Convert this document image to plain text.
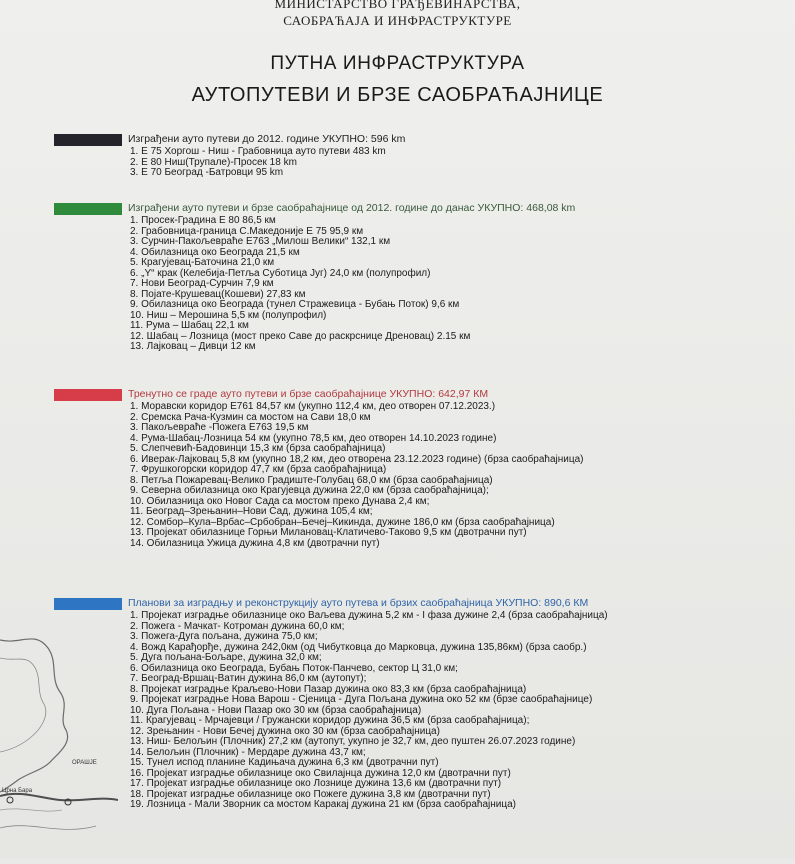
МИНИСТАРСТВО ГРАЂЕВИНАРСТВА,
САОБРАЋАЈА И ИНФРАСТРУКТУРЕ
ПУТНА ИНФРАСТРУКТУРА
АУТОПУТЕВИ И БРЗЕ САОБРАЋАЈНИЦЕ
Изграђени ауто путеви до 2012. године УКУПНО: 596 km
1. Е 75 Хоргош - Ниш - Грабовница ауто путеви 483 km
2. Е 80 Ниш(Трупале)-Просек 18 km
3. Е 70 Београд -Батровци 95 km
Изграђени ауто путеви и брзе саобраћајнице од 2012. године до данас УКУПНО: 468,08 km
1. Просек-Градина Е 80 86,5 км
2. Грабовница-граница С.Македоније Е 75 95,9 км
3. Сурчин-Пакољевраће Е763 „Милош Велики“ 132,1 км
4. Обилазница око Београда 21,5 км
5. Крагујевац-Баточина 21,0 км
6. „Y“ крак (Келебија-Петља Суботица Југ) 24,0 км (полупрофил)
7. Нови Београд-Сурчин 7,9 км
8. Појате-Крушевац(Кошеви) 27,83 км
9. Обилазница око Београда (тунел Стражевица - Бубањ Поток) 9,6 км
10. Ниш – Мерошина 5,5 км (полупрофил)
11. Рума – Шабац 22,1 км
12. Шабац – Лозница (мост преко Саве до раскрснице Дреновац) 2.15 км
13. Лајковац – Дивци 12 км
Тренутно се граде ауто путеви и брзе саобраћајнице УКУПНО: 642,97 КМ
1. Моравски коридор Е761 84,57 км (укупно 112,4 км, део отворен 07.12.2023.)
2. Сремска Рача-Кузмин са мостом на Сави 18,0 км
3. Пакољевраће -Пожега Е763 19,5 км
4. Рума-Шабац-Лозница 54 км (укупно 78,5 км, део отворен 14.10.2023 године)
5. Слепчевић-Бадовинци 15,3 км (брза саобраћајница)
6. Иверак-Лајковац 5,8 км (укупно 18,2 км, део отворена 23.12.2023 године) (брза саобраћајница)
7. Фрушкогорски коридор 47,7 км (брза саобраћајница)
8. Петља Пожаревац-Велико Градиште-Голубац 68,0 км (брза саобраћајница)
9. Северна обилазница око Крагујевца дужина 22,0 км (брза саобраћајница);
10. Обилазница око Новог Сада са мостом преко Дунава 2,4 км;
11. Београд–Зрењанин–Нови Сад, дужина 105,4 км;
12. Сомбор–Кула–Врбас–Србобран–Бечеј–Кикинда, дужине 186,0 км (брза саобраћајница)
13. Пројекат обилазнице Горњи Милановац-Клатичево-Таково 9,5 км (двотрачни пут)
14. Обилазница Ужица дужина 4,8 км (двотрачни пут)
Планови за изградњу и реконструкцију ауто путева и брзих саобраћајница УКУПНО: 890,6 КМ
1. Пројекат изградње обилазнице око Ваљева дужина 5,2 км - I фаза дужине 2,4 (брза саобраћајница)
2. Пожега - Мачкат- Котроман дужина 60,0 км;
3. Пожега-Дуга пољана, дужина 75,0 км;
4. Вожд Карађорђе, дужина 242,0км (од Чибутковца до Марковца, дужина 135,86км) (брза саобр.)
5. Дуга пољана-Бољаре, дужина 32,0 км;
6. Обилазница око Београда, Бубањ Поток-Панчево, сектор Ц 31,0 км;
7. Београд-Вршац-Ватин дужина 86,0 км (аутопут);
8. Пројекат изградње Краљево-Нови Пазар дужина око 83,3 км (брза саобраћајница)
9. Пројекат изградње Нова Варош - Сјеница - Дуга Пољана дужина око 52 км (брзе саобраћајнице)
10. Дуга Пољана - Нови Пазар око 30 км (брза саобраћајница)
11. Крагујевац - Мрчајевци / Гружански коридор дужина 36,5 км (брза саобраћајница);
12. Зрењанин - Нови Бечеј дужина око 30 км (брза саобраћајница)
13. Ниш- Белољин (Плочник) 27,2 км (аутопут, укупно је 32,7 км, део пуштен 26.07.2023 године)
14. Белољин (Плочник) - Мердаре дужина 43,7 км;
15. Тунел испод планине Кадињача дужина 6,3 км (двотрачни пут)
16. Пројекат изградње обилазнице око Свилајнца дужина 12,0 км (двотрачни пут)
17. Пројекат изградње обилазнице око Лознице дужина 13,6 км (двотрачни пут)
18. Пројекат изградње обилазнице око Пожеге дужина 3,8 км (двотрачни пут)
19. Лозница - Мали Зворник са мостом Каракај дужина 21 км (брза саобраћајница)
ОРАШЈЕ
Црна Бара
